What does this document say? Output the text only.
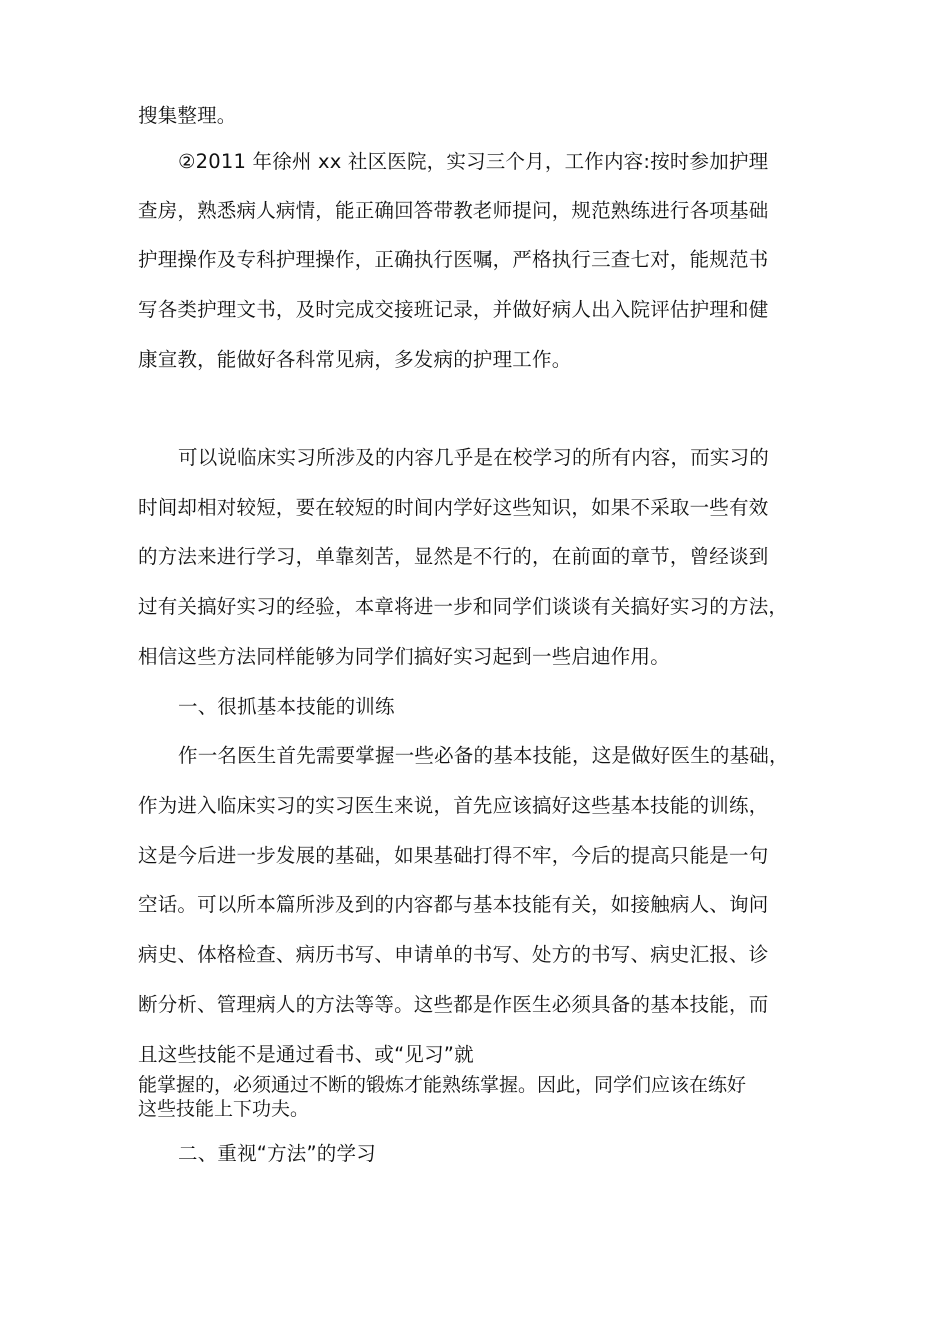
搜集整理。
②2011 年徐州 xx 社区医院，实习三个月，工作内容:按时参加护理
查房，熟悉病人病情，能正确回答带教老师提问，规范熟练进行各项基础
护理操作及专科护理操作，正确执行医嘱，严格执行三查七对，能规范书
写各类护理文书，及时完成交接班记录，并做好病人出入院评估护理和健
康宣教，能做好各科常见病，多发病的护理工作。
可以说临床实习所涉及的内容几乎是在校学习的所有内容，而实习的
时间却相对较短，要在较短的时间内学好这些知识，如果不采取一些有效
的方法来进行学习，单靠刻苦，显然是不行的，在前面的章节，曾经谈到
过有关搞好实习的经验，本章将进一步和同学们谈谈有关搞好实习的方法，
相信这些方法同样能够为同学们搞好实习起到一些启迪作用。
一、很抓基本技能的训练
作一名医生首先需要掌握一些必备的基本技能，这是做好医生的基础，
作为进入临床实习的实习医生来说，首先应该搞好这些基本技能的训练，
这是今后进一步发展的基础，如果基础打得不牢，今后的提高只能是一句
空话。可以所本篇所涉及到的内容都与基本技能有关，如接触病人、询问
病史、体格检查、病历书写、申请单的书写、处方的书写、病史汇报、诊
断分析、管理病人的方法等等。这些都是作医生必须具备的基本技能，而
且这些技能不是通过看书、或“见习”就
能掌握的，必须通过不断的锻炼才能熟练掌握。因此，同学们应该在练好
这些技能上下功夫。
二、重视“方法”的学习
